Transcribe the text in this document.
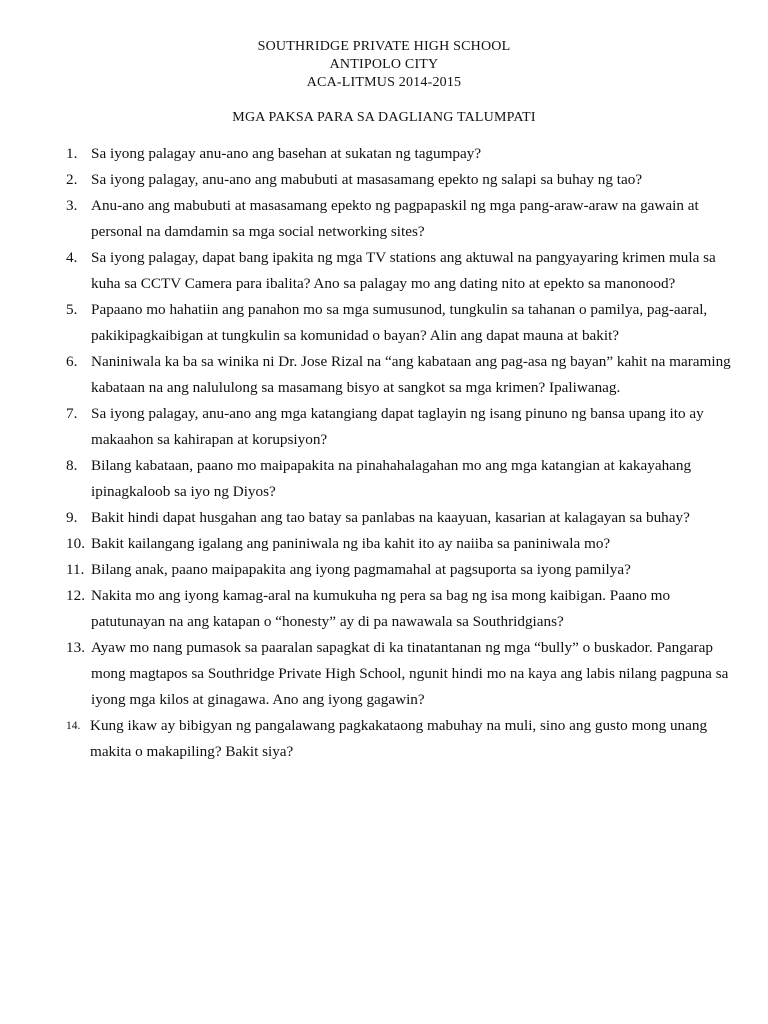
SOUTHRIDGE PRIVATE HIGH SCHOOL
ANTIPOLO CITY
ACA-LITMUS 2014-2015
MGA PAKSA PARA SA DAGLIANG TALUMPATI
1. Sa iyong palagay anu-ano ang basehan at sukatan ng tagumpay?
2. Sa iyong palagay, anu-ano ang mabubuti at masasamang epekto ng salapi sa buhay ng tao?
3. Anu-ano ang mabubuti at masasamang epekto ng pagpapaskil ng mga pang-araw-araw na gawain at personal na damdamin sa mga social networking sites?
4. Sa iyong palagay, dapat bang ipakita ng mga TV stations ang aktuwal na pangyayaring krimen mula sa kuha sa CCTV Camera para ibalita? Ano sa palagay mo ang dating nito at epekto sa manonood?
5. Papaano mo hahatiin ang panahon mo sa mga sumusunod, tungkulin sa tahanan o pamilya, pag-aaral, pakikipagkaibigan at tungkulin sa komunidad o bayan? Alin ang dapat mauna at bakit?
6. Naniniwala ka ba sa winika ni Dr. Jose Rizal na “ang kabataan ang pag-asa ng bayan” kahit na maraming kabataan na ang nalululong sa masamang bisyo at sangkot sa mga krimen? Ipaliwanag.
7. Sa iyong palagay, anu-ano ang mga katangiang dapat taglayin ng isang pinuno ng bansa upang ito ay makaahon sa kahirapan at korupsiyon?
8. Bilang kabataan, paano mo maipapakita na pinahahalagahan mo ang mga katangian at kakayahang ipinagkaloob sa iyo ng Diyos?
9. Bakit hindi dapat husgahan ang tao batay sa panlabas na kaayuan, kasarian at kalagayan sa buhay?
10. Bakit kailangang igalang ang paniniwala ng iba kahit ito ay naiiba sa paniniwala mo?
11. Bilang anak, paano maipapakita ang iyong pagmamahal at pagsuporta sa iyong pamilya?
12. Nakita mo ang iyong kamag-aral na kumukuha ng pera sa bag ng isa mong kaibigan. Paano mo patutunayan na ang katapan o “honesty” ay di pa nawawala sa Southridgians?
13. Ayaw mo nang pumasok sa paaralan sapagkat di ka tinatantanan ng mga “bully” o buskador. Pangarap mong magtapos sa Southridge Private High School, ngunit hindi mo na kaya ang labis nilang pagpuna sa iyong mga kilos at ginagawa. Ano ang iyong gagawin?
14. Kung ikaw ay bibigyan ng pangalawang pagkakataong mabuhay na muli, sino ang gusto mong unang makita o makapiling? Bakit siya?
